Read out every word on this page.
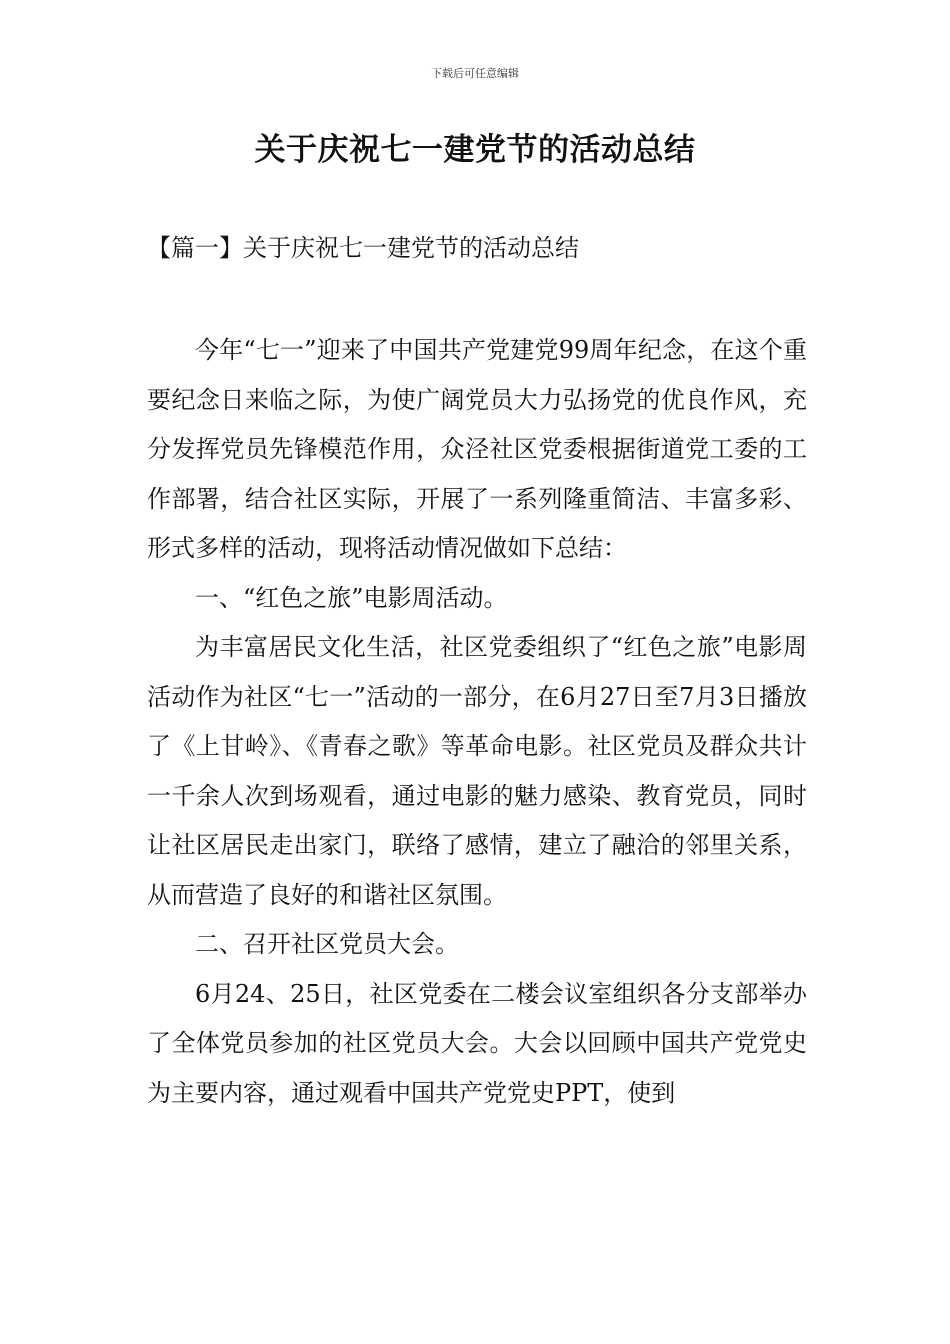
下载后可任意编辑
关于庆祝七一建党节的活动总结
【篇一】关于庆祝七一建党节的活动总结

今年“七一”迎来了中国共产党建党99周年纪念，在这个重要纪念日来临之际，为使广阔党员大力弘扬党的优良作风，充分发挥党员先锋模范作用，众泾社区党委根据街道党工委的工作部署，结合社区实际，开展了一系列隆重简洁、丰富多彩、形式多样的活动，现将活动情况做如下总结：

一、“红色之旅”电影周活动。

为丰富居民文化生活，社区党委组织了“红色之旅”电影周活动作为社区“七一”活动的一部分，在6月27日至7月3日播放了《上甘岭》、《青春之歌》等革命电影。社区党员及群众共计一千余人次到场观看，通过电影的魅力感染、教育党员，同时让社区居民走出家门，联络了感情，建立了融洽的邻里关系，从而营造了良好的和谐社区氛围。

二、召开社区党员大会。

6月24、25日，社区党委在二楼会议室组织各分支部举办了全体党员参加的社区党员大会。大会以回顾中国共产党党史为主要内容，通过观看中国共产党党史PPT，使到
